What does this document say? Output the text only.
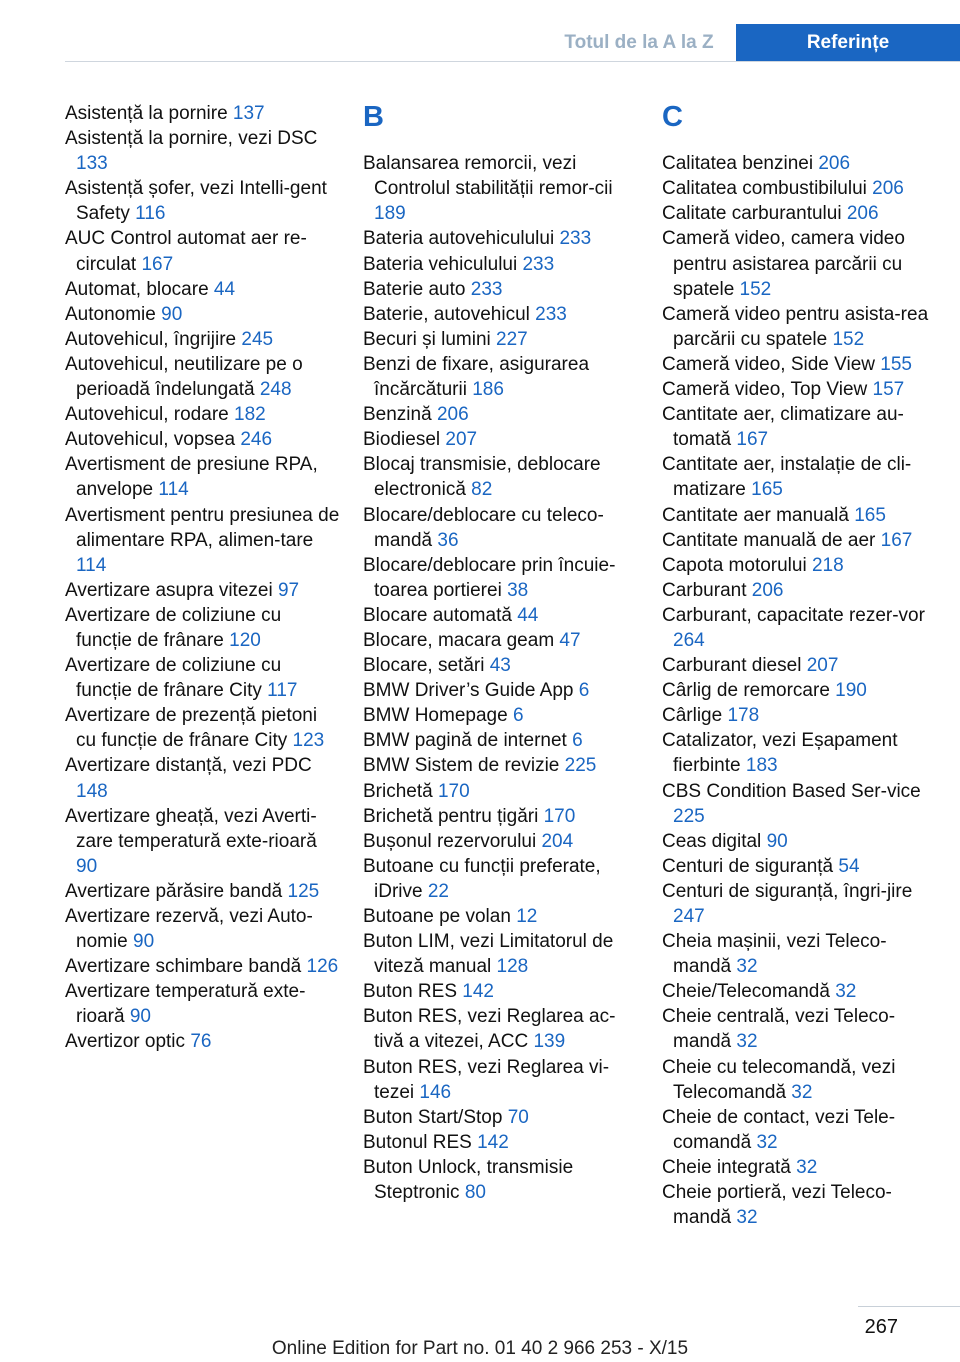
Totul de la A la Z	Referințe
Asistență la pornire 137
Asistență la pornire, vezi DSC 133
Asistență șofer, vezi Intelli-gent Safety 116
AUC Control automat aer re-circulat 167
Automat, blocare 44
Autonomie 90
Autovehicul, îngrijire 245
Autovehicul, neutilizare pe o perioadă îndelungată 248
Autovehicul, rodare 182
Autovehicul, vopsea 246
Avertisment de presiune RPA, anvelope 114
Avertisment pentru presiunea de alimentare RPA, alimen-tare 114
Avertizare asupra vitezei 97
Avertizare de coliziune cu funcție de frânare 120
Avertizare de coliziune cu funcție de frânare City 117
Avertizare de prezență pietoni cu funcție de frânare City 123
Avertizare distanță, vezi PDC 148
Avertizare gheață, vezi Averti-zare temperatură exte-rioară 90
Avertizare părăsire bandă 125
Avertizare rezervă, vezi Auto-nomie 90
Avertizare schimbare bandă 126
Avertizare temperatură exte-rioară 90
Avertizor optic 76
B
Balansarea remorcii, vezi Controlul stabilității remor-cii 189
Bateria autovehiculului 233
Bateria vehiculului 233
Baterie auto 233
Baterie, autovehicul 233
Becuri și lumini 227
Benzi de fixare, asigurarea încărcăturii 186
Benzină 206
Biodiesel 207
Blocaj transmisie, deblocare electronică 82
Blocare/deblocare cu teleco-mandă 36
Blocare/deblocare prin încuie-toarea portierei 38
Blocare automată 44
Blocare, macara geam 47
Blocare, setări 43
BMW Driver’s Guide App 6
BMW Homepage 6
BMW pagină de internet 6
BMW Sistem de revizie 225
Brichetă 170
Brichetă pentru țigări 170
Bușonul rezervorului 204
Butoane cu funcții preferate, iDrive 22
Butoane pe volan 12
Buton LIM, vezi Limitatorul de viteză manual 128
Buton RES 142
Buton RES, vezi Reglarea ac-tivă a vitezei, ACC 139
Buton RES, vezi Reglarea vi-tezei 146
Buton Start/Stop 70
Butonul RES 142
Buton Unlock, transmisie Steptronic 80
C
Calitatea benzinei 206
Calitatea combustibilului 206
Calitate carburantului 206
Cameră video, camera video pentru asistarea parcării cu spatele 152
Cameră video pentru asista-rea parcării cu spatele 152
Cameră video, Side View 155
Cameră video, Top View 157
Cantitate aer, climatizare au-tomată 167
Cantitate aer, instalație de cli-matizare 165
Cantitate aer manuală 165
Cantitate manuală de aer 167
Capota motorului 218
Carburant 206
Carburant, capacitate rezer-vor 264
Carburant diesel 207
Cârlig de remorcare 190
Cârlige 178
Catalizator, vezi Eșapament fierbinte 183
CBS Condition Based Ser-vice 225
Ceas digital 90
Centuri de siguranță 54
Centuri de siguranță, îngri-jire 247
Cheia mașinii, vezi Teleco-mandă 32
Cheie/Telecomandă 32
Cheie centrală, vezi Teleco-mandă 32
Cheie cu telecomandă, vezi Telecomandă 32
Cheie de contact, vezi Tele-comandă 32
Cheie integrată 32
Cheie portieră, vezi Teleco-mandă 32
267
Online Edition for Part no. 01 40 2 966 253 - X/15
